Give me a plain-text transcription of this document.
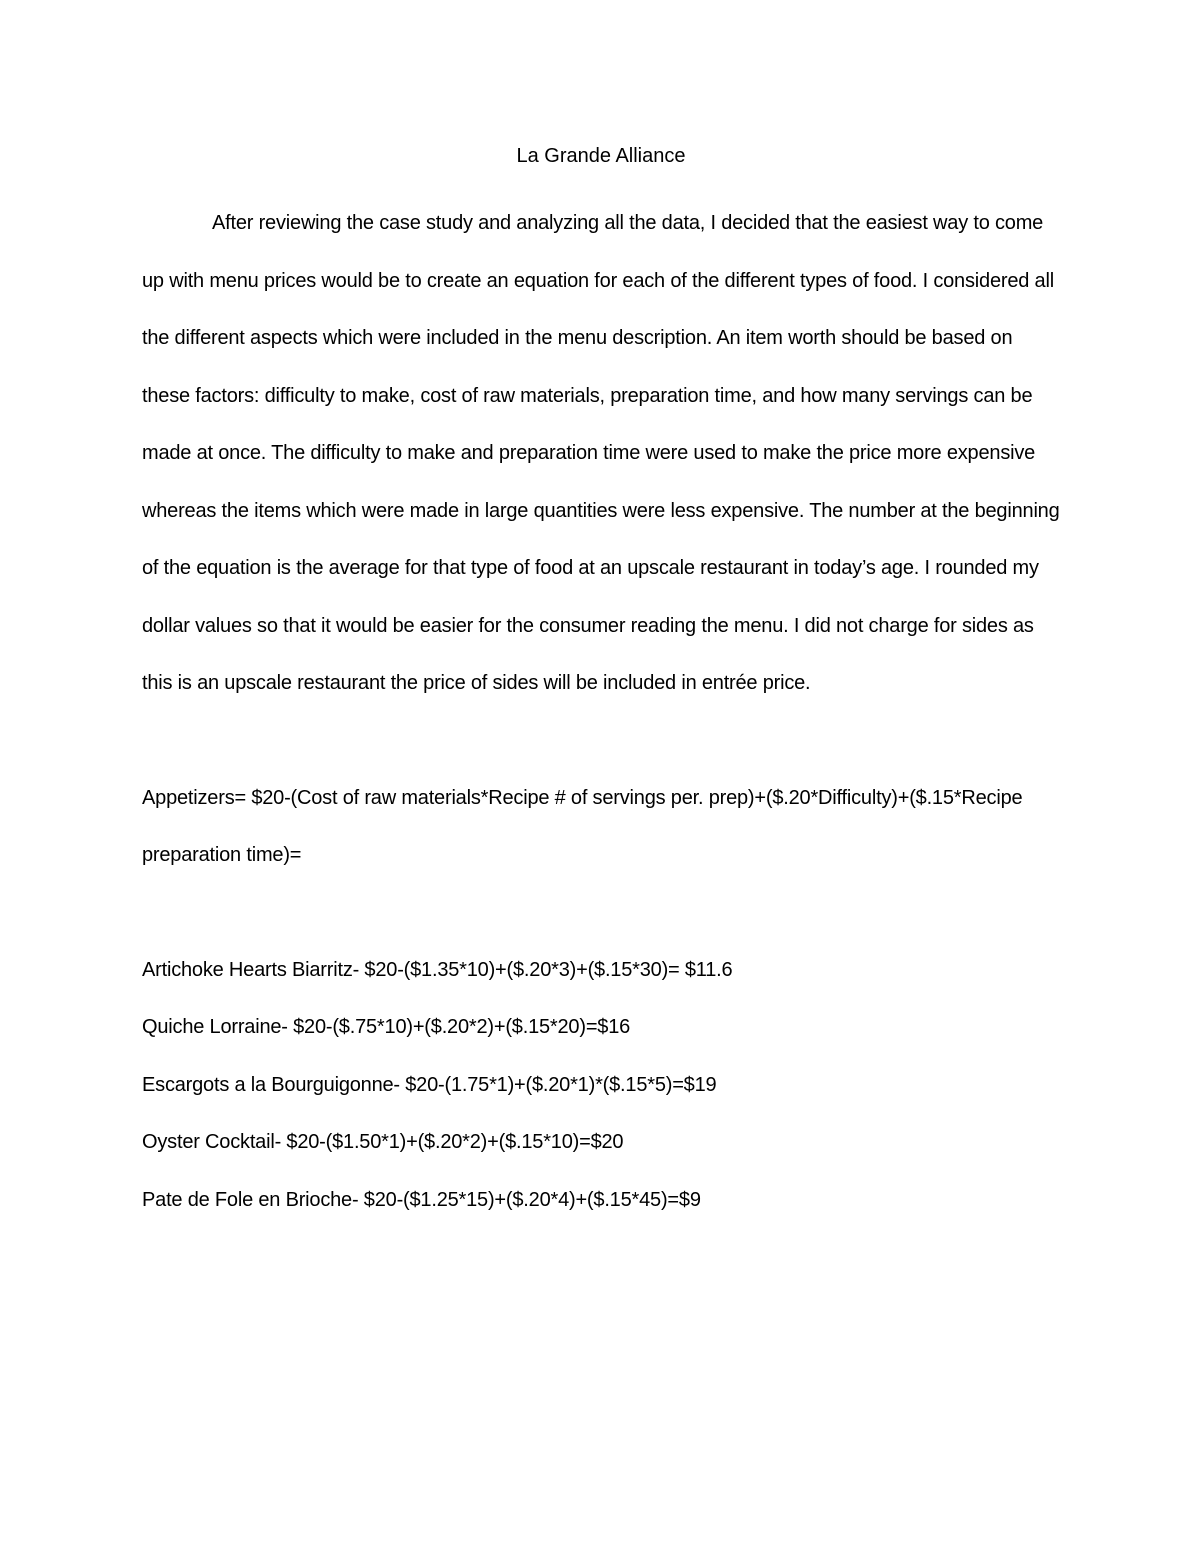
La Grande Alliance

After reviewing the case study and analyzing all the data, I decided that the easiest way to come up with menu prices would be to create an equation for each of the different types of food. I considered all the different aspects which were included in the menu description. An item worth should be based on these factors: difficulty to make, cost of raw materials, preparation time, and how many servings can be made at once. The difficulty to make and preparation time were used to make the price more expensive whereas the items which were made in large quantities were less expensive. The number at the beginning of the equation is the average for that type of food at an upscale restaurant in today’s age. I rounded my dollar values so that it would be easier for the consumer reading the menu. I did not charge for sides as this is an upscale restaurant the price of sides will be included in entrée price.

Appetizers= $20-(Cost of raw materials*Recipe # of servings per. prep)+($.20*Difficulty)+($.15*Recipe preparation time)=

Artichoke Hearts Biarritz- $20-($1.35*10)+($.20*3)+($.15*30)= $11.6
Quiche Lorraine- $20-($.75*10)+($.20*2)+($.15*20)=$16
Escargots a la Bourguigonne- $20-(1.75*1)+($.20*1)*($.15*5)=$19
Oyster Cocktail- $20-($1.50*1)+($.20*2)+($.15*10)=$20
Pate de Fole en Brioche- $20-($1.25*15)+($.20*4)+($.15*45)=$9
